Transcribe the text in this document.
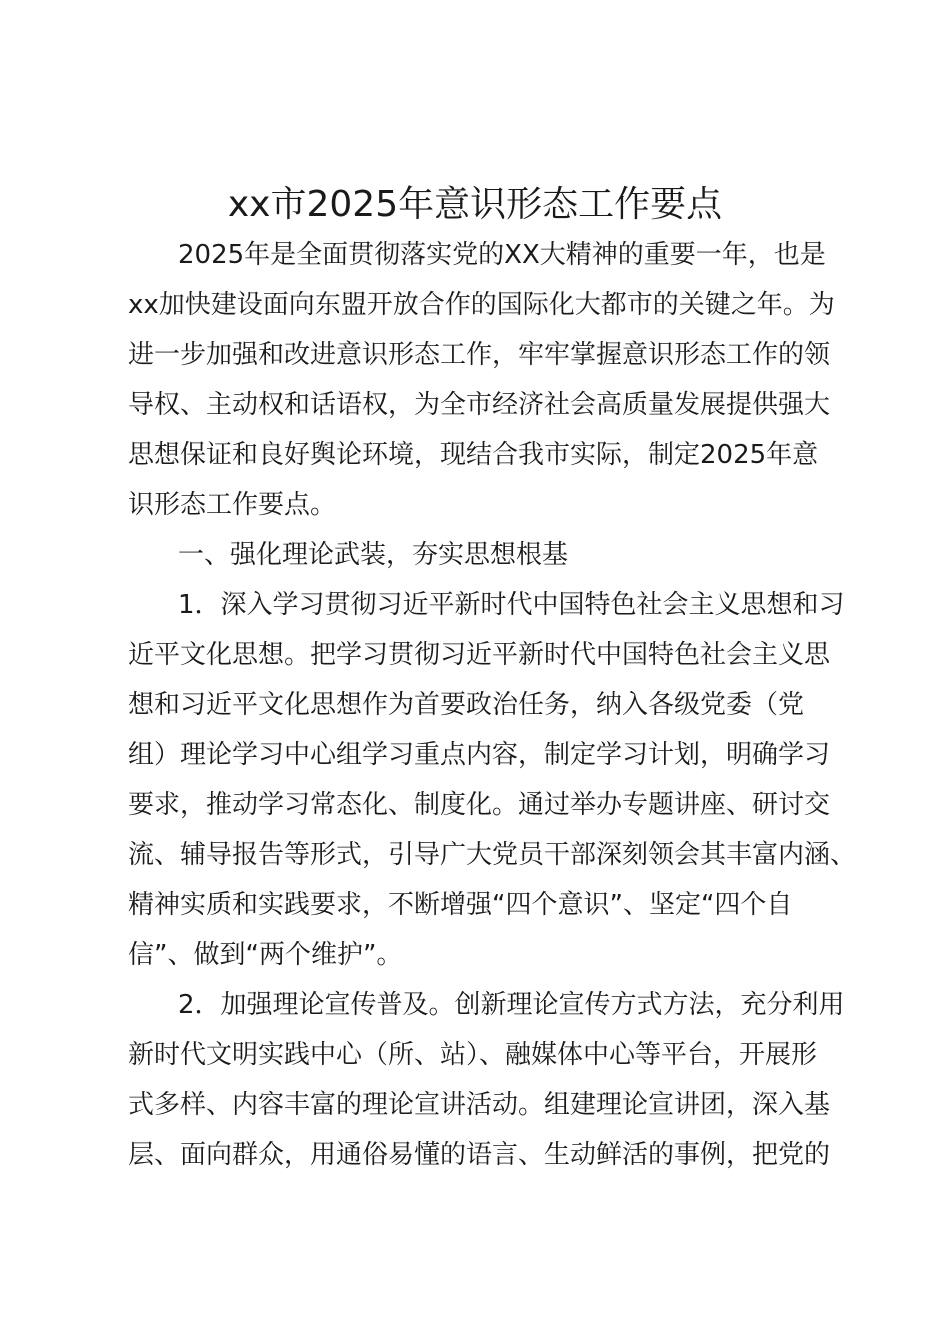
xx市2025年意识形态工作要点

2025年是全面贯彻落实党的XX大精神的重要一年，也是

xx加快建设面向东盟开放合作的国际化大都市的关键之年。为

进一步加强和改进意识形态工作，牢牢掌握意识形态工作的领

导权、主动权和话语权，为全市经济社会高质量发展提供强大

思想保证和良好舆论环境，现结合我市实际，制定2025年意

识形态工作要点。

一、强化理论武装，夯实思想根基

1．深入学习贯彻习近平新时代中国特色社会主义思想和习

近平文化思想。把学习贯彻习近平新时代中国特色社会主义思

想和习近平文化思想作为首要政治任务，纳入各级党委（党

组）理论学习中心组学习重点内容，制定学习计划，明确学习

要求，推动学习常态化、制度化。通过举办专题讲座、研讨交

流、辅导报告等形式，引导广大党员干部深刻领会其丰富内涵、

精神实质和实践要求，不断增强“四个意识”、坚定“四个自

信”、做到“两个维护”。

2．加强理论宣传普及。创新理论宣传方式方法，充分利用

新时代文明实践中心（所、站）、融媒体中心等平台，开展形

式多样、内容丰富的理论宣讲活动。组建理论宣讲团，深入基

层、面向群众，用通俗易懂的语言、生动鲜活的事例，把党的
